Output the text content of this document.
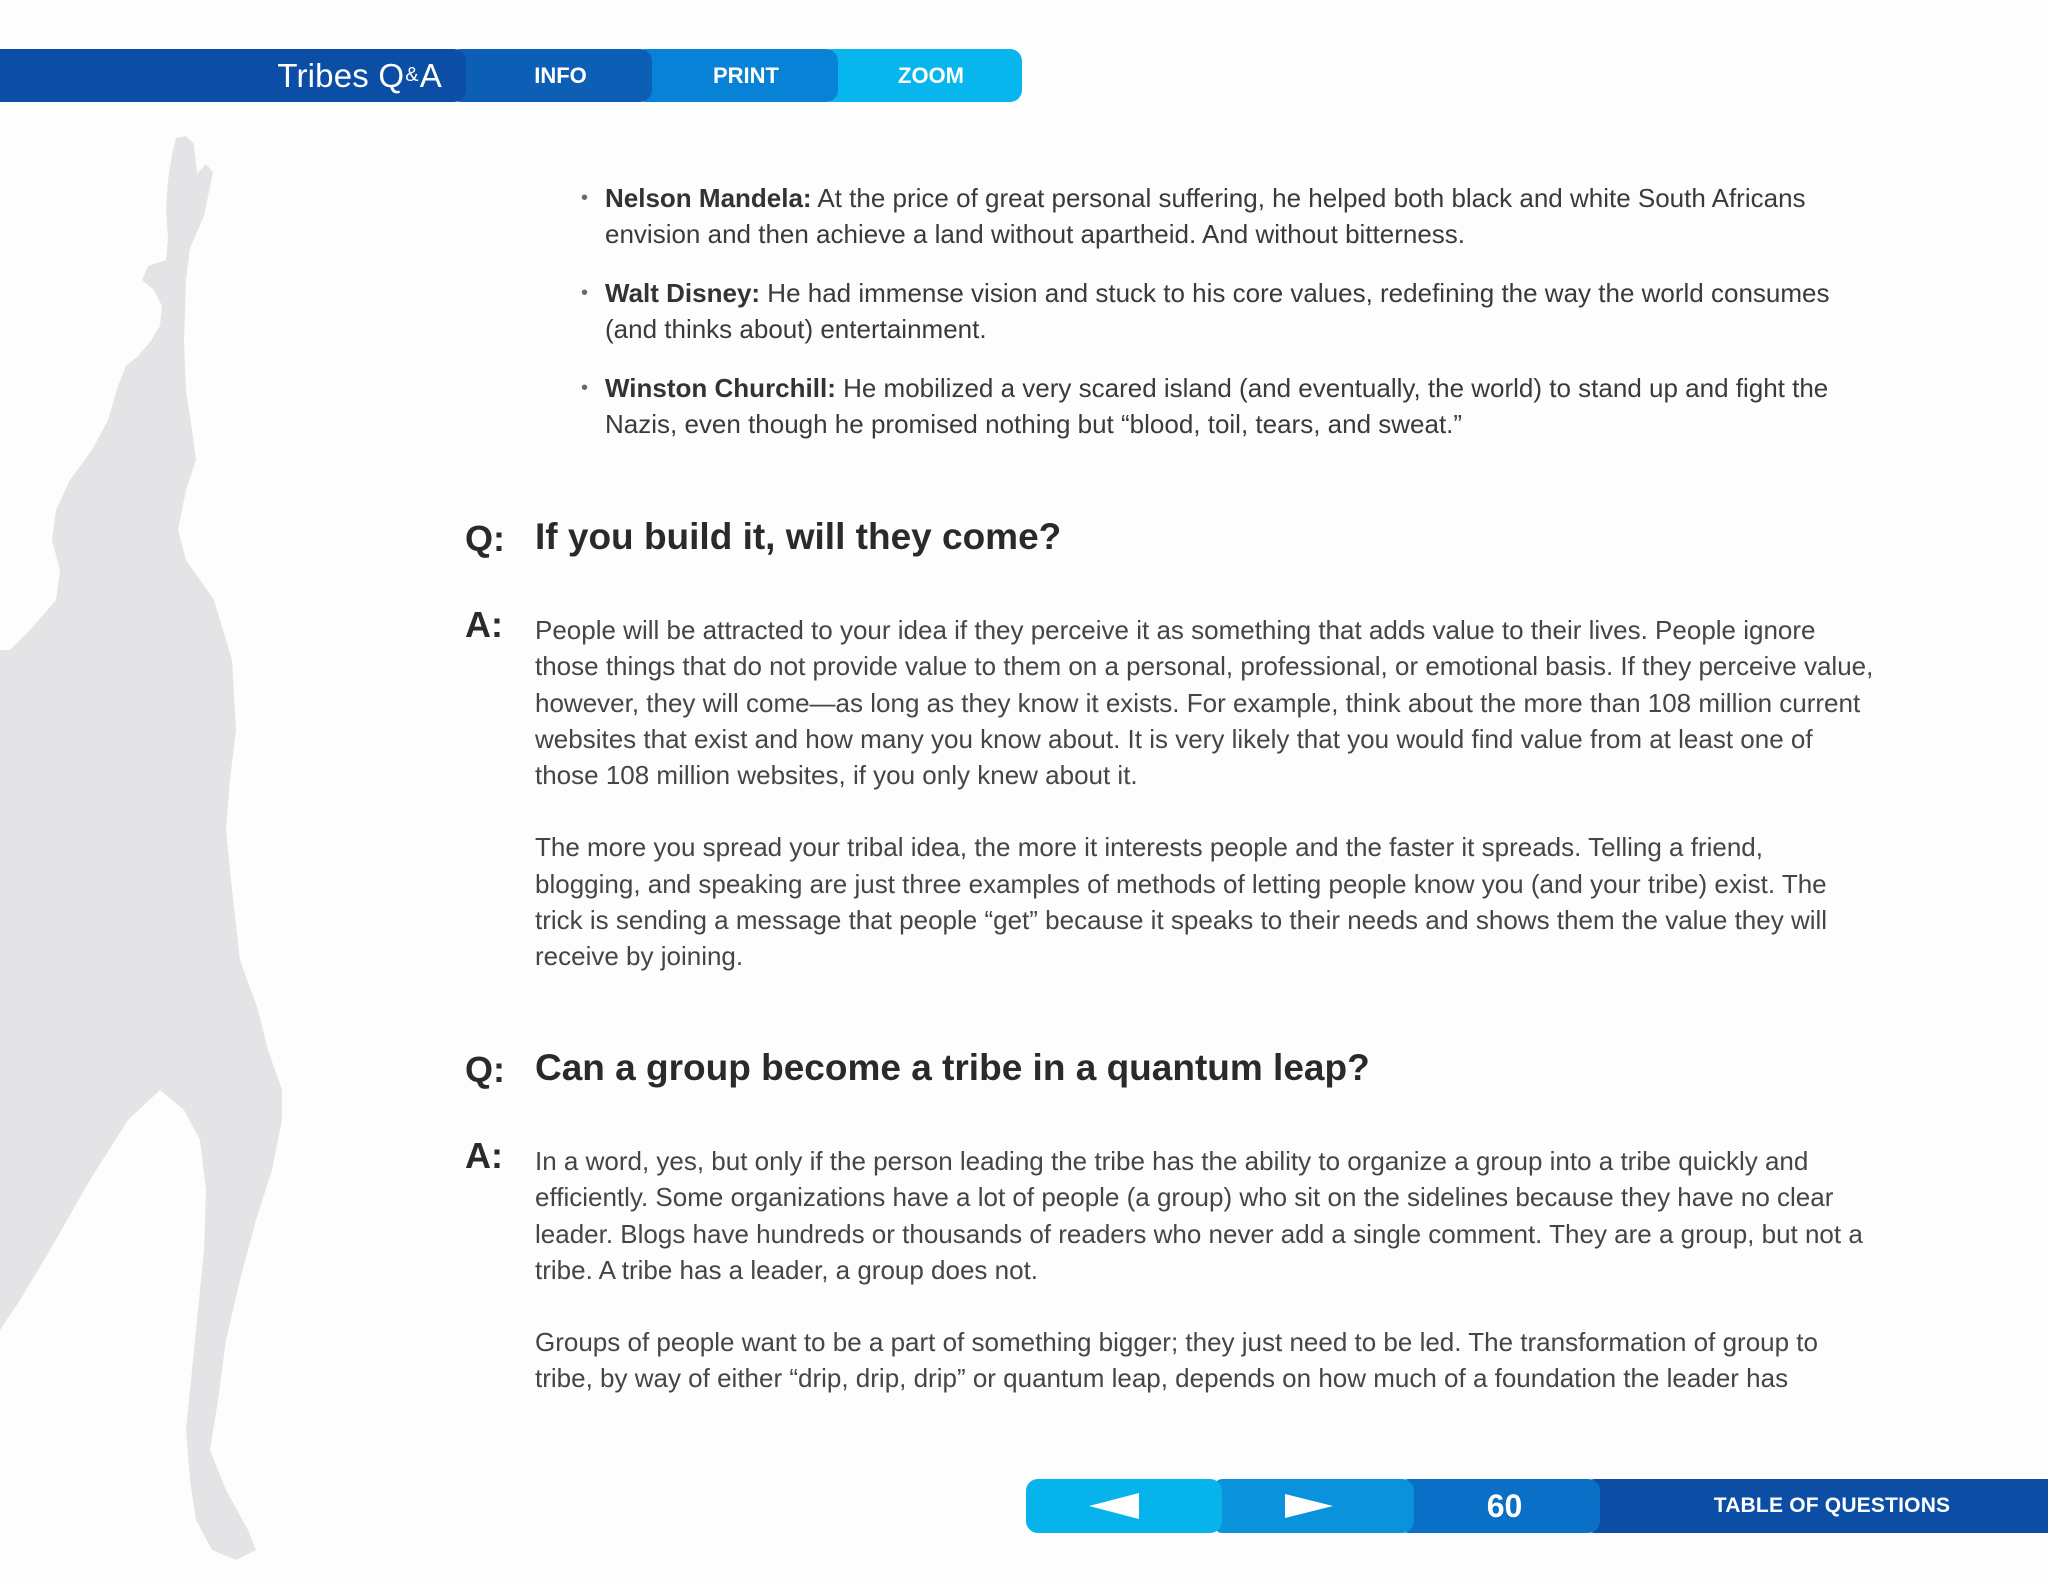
Tribes Q & A	INFO	PRINT	ZOOM
• Nelson Mandela: At the price of great personal suffering, he helped both black and white South Africans envision and then achieve a land without apartheid. And without bitterness.
• Walt Disney: He had immense vision and stuck to his core values, redefining the way the world consumes (and thinks about) entertainment.
• Winston Churchill: He mobilized a very scared island (and eventually, the world) to stand up and fight the Nazis, even though he promised nothing but “blood, toil, tears, and sweat.”
Q: If you build it, will they come?
A: People will be attracted to your idea if they perceive it as something that adds value to their lives. People ignore those things that do not provide value to them on a personal, professional, or emotional basis. If they perceive value, however, they will come—as long as they know it exists. For example, think about the more than 108 million current websites that exist and how many you know about. It is very likely that you would find value from at least one of those 108 million websites, if you only knew about it.

The more you spread your tribal idea, the more it interests people and the faster it spreads. Telling a friend, blogging, and speaking are just three examples of methods of letting people know you (and your tribe) exist. The trick is sending a message that people “get” because it speaks to their needs and shows them the value they will receive by joining.

Q: Can a group become a tribe in a quantum leap?
A: In a word, yes, but only if the person leading the tribe has the ability to organize a group into a tribe quickly and efficiently. Some organizations have a lot of people (a group) who sit on the sidelines because they have no clear leader. Blogs have hundreds or thousands of readers who never add a single comment. They are a group, but not a tribe. A tribe has a leader, a group does not.

Groups of people want to be a part of something bigger; they just need to be led. The transformation of group to tribe, by way of either “drip, drip, drip” or quantum leap, depends on how much of a foundation the leader has

60	TABLE OF QUESTIONS
